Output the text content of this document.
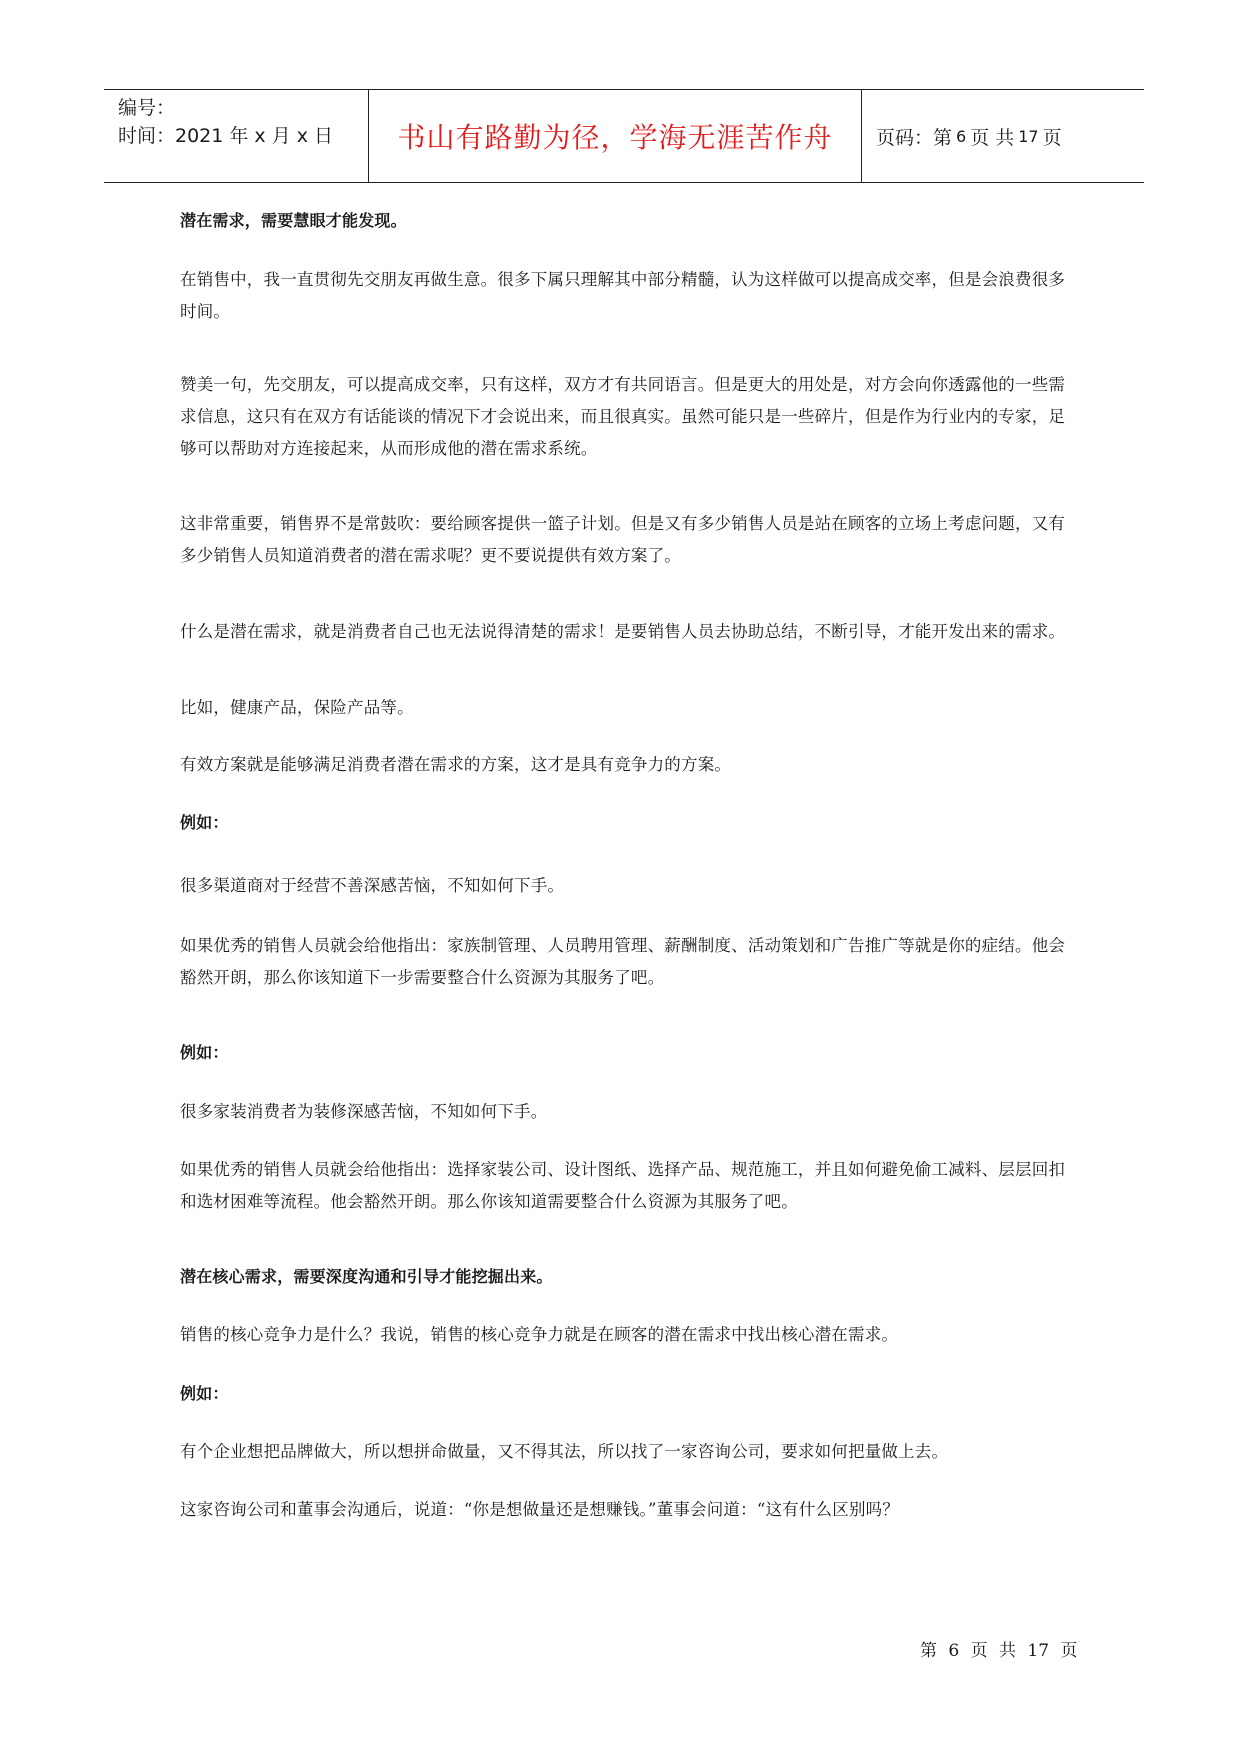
编号：
时间：2021 年 x 月 x 日	书山有路勤为径，学海无涯苦作舟	页码：第 6 页 共 17 页

潜在需求，需要慧眼才能发现。

在销售中，我一直贯彻先交朋友再做生意。很多下属只理解其中部分精髓，认为这样做可以提高成交率，但是会浪费很多时间。

赞美一句，先交朋友，可以提高成交率，只有这样，双方才有共同语言。但是更大的用处是，对方会向你透露他的一些需求信息，这只有在双方有话能谈的情况下才会说出来，而且很真实。虽然可能只是一些碎片，但是作为行业内的专家，足够可以帮助对方连接起来，从而形成他的潜在需求系统。

这非常重要，销售界不是常鼓吹：要给顾客提供一篮子计划。但是又有多少销售人员是站在顾客的立场上考虑问题，又有多少销售人员知道消费者的潜在需求呢？更不要说提供有效方案了。

什么是潜在需求，就是消费者自己也无法说得清楚的需求！是要销售人员去协助总结，不断引导，才能开发出来的需求。

比如，健康产品，保险产品等。

有效方案就是能够满足消费者潜在需求的方案，这才是具有竞争力的方案。

例如：

很多渠道商对于经营不善深感苦恼，不知如何下手。

如果优秀的销售人员就会给他指出：家族制管理、人员聘用管理、薪酬制度、活动策划和广告推广等就是你的症结。他会豁然开朗，那么你该知道下一步需要整合什么资源为其服务了吧。

例如：

很多家装消费者为装修深感苦恼，不知如何下手。

如果优秀的销售人员就会给他指出：选择家装公司、设计图纸、选择产品、规范施工，并且如何避免偷工减料、层层回扣和选材困难等流程。他会豁然开朗。那么你该知道需要整合什么资源为其服务了吧。

潜在核心需求，需要深度沟通和引导才能挖掘出来。

销售的核心竞争力是什么？我说，销售的核心竞争力就是在顾客的潜在需求中找出核心潜在需求。

例如：

有个企业想把品牌做大，所以想拼命做量，又不得其法，所以找了一家咨询公司，要求如何把量做上去。

这家咨询公司和董事会沟通后，说道：“你是想做量还是想赚钱。”董事会问道：“这有什么区别吗？

第 6 页 共 17 页
